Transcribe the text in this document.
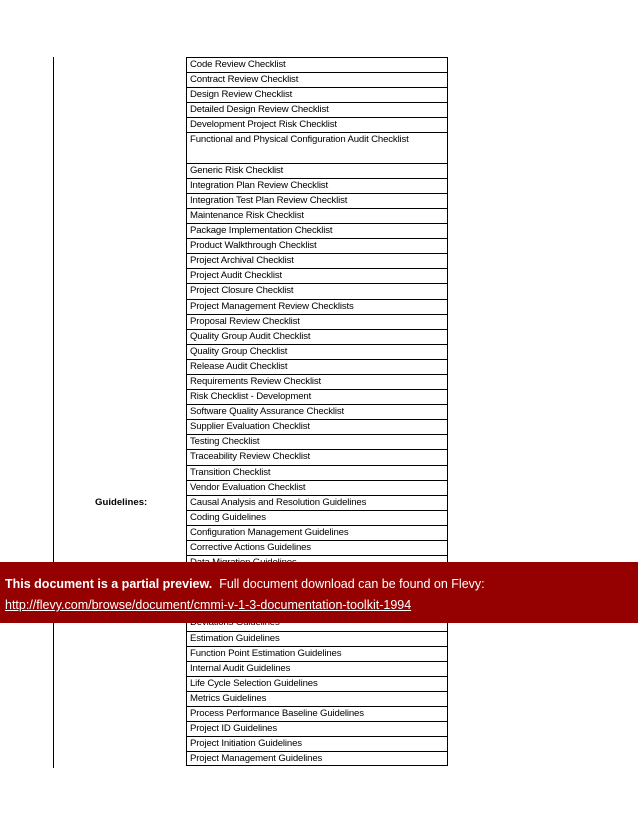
Guidelines:
Code Review Checklist
Contract Review Checklist
Design Review Checklist
Detailed Design Review Checklist
Development Project Risk Checklist
Functional and Physical Configuration Audit Checklist
Generic Risk Checklist
Integration Plan Review Checklist
Integration Test Plan Review Checklist
Maintenance Risk Checklist
Package Implementation Checklist
Product Walkthrough Checklist
Project Archival Checklist
Project Audit Checklist
Project Closure Checklist
Project Management Review Checklists
Proposal Review Checklist
Quality Group Audit Checklist
Quality Group Checklist
Release Audit Checklist
Requirements Review Checklist
Risk Checklist - Development
Software Quality Assurance Checklist
Supplier Evaluation Checklist
Testing Checklist
Traceability Review Checklist
Transition Checklist
Vendor Evaluation Checklist
Causal Analysis and Resolution Guidelines
Coding Guidelines
Configuration Management Guidelines
Corrective Actions Guidelines
Estimation Guidelines
Function Point Estimation Guidelines
Internal Audit Guidelines
Life Cycle Selection Guidelines
Metrics Guidelines
Process Performance Baseline Guidelines
Project ID Guidelines
Project Initiation Guidelines
Project Management Guidelines
This document is a partial preview. Full document download can be found on Flevy:
http://flevy.com/browse/document/cmmi-v-1-3-documentation-toolkit-1994
